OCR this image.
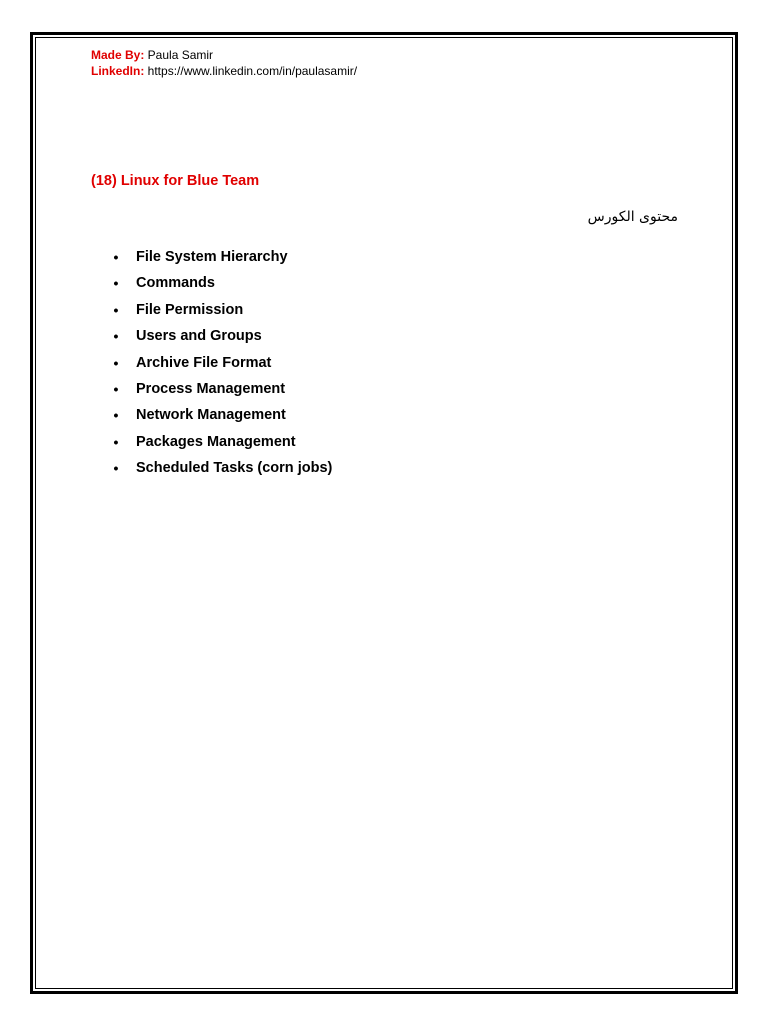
Made By: Paula Samir
LinkedIn: https://www.linkedin.com/in/paulasamir/
(18) Linux for Blue Team
محتوى الكورس
• File System Hierarchy
• Commands
• File Permission
• Users and Groups
• Archive File Format
• Process Management
• Network Management
• Packages Management
• Scheduled Tasks (corn jobs)
